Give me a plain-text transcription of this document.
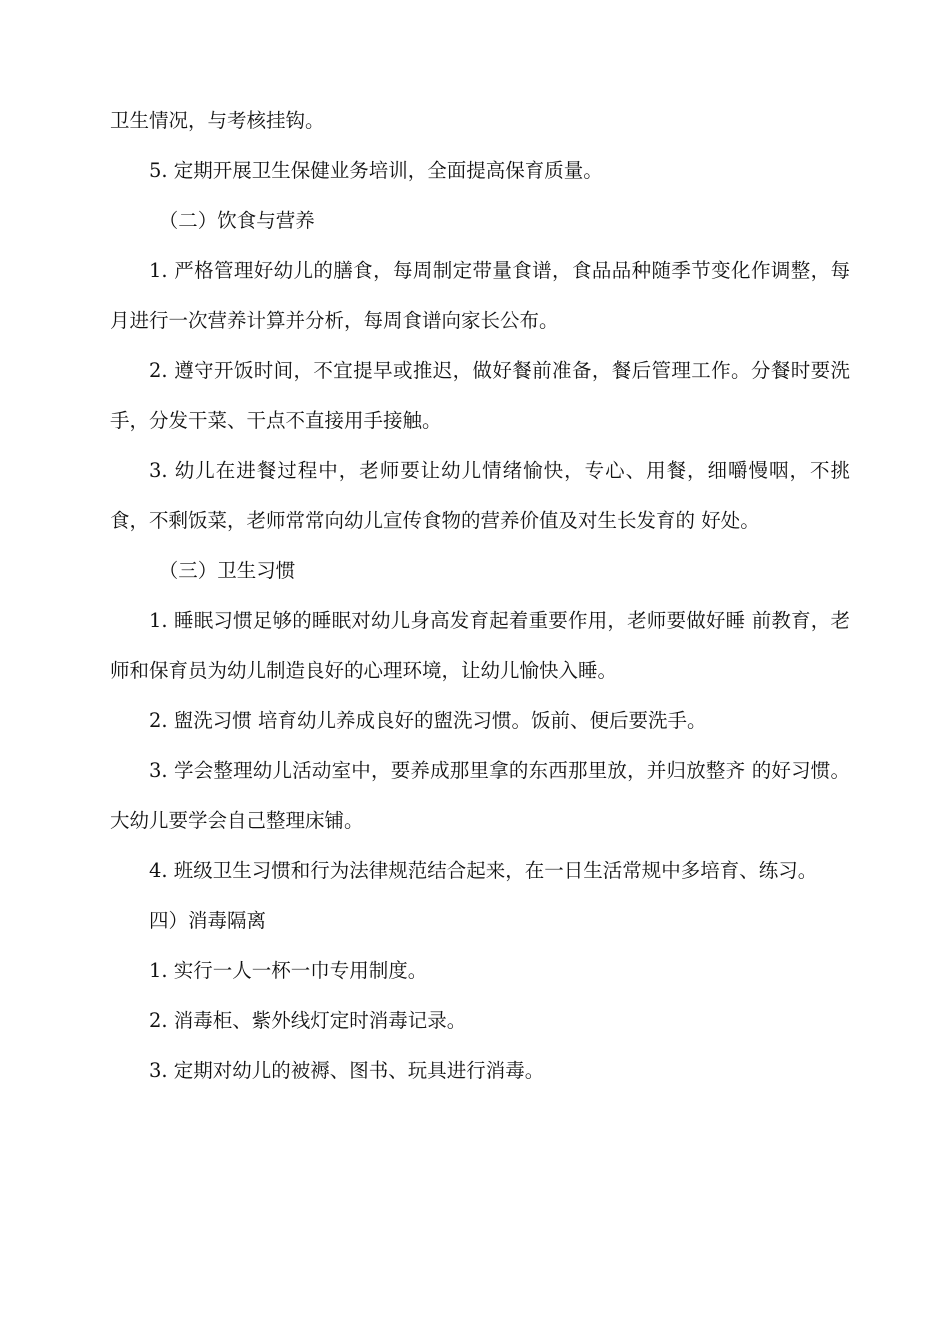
卫生情况，与考核挂钩。

5. 定期开展卫生保健业务培训，全面提高保育质量。

（二）饮食与营养

1. 严格管理好幼儿的膳食，每周制定带量食谱，食品品种随季节变化作调整，每月进行一次营养计算并分析，每周食谱向家长公布。

2. 遵守开饭时间，不宜提早或推迟，做好餐前准备，餐后管理工作。分餐时要洗手，分发干菜、干点不直接用手接触。

3. 幼儿在进餐过程中，老师要让幼儿情绪愉快，专心、用餐，细嚼慢咽，不挑食，不剩饭菜，老师常常向幼儿宣传食物的营养价值及对生长发育的 好处。

（三）卫生习惯

1. 睡眠习惯足够的睡眠对幼儿身高发育起着重要作用，老师要做好睡 前教育，老师和保育员为幼儿制造良好的心理环境，让幼儿愉快入睡。

2. 盥洗习惯 培育幼儿养成良好的盥洗习惯。饭前、便后要洗手。

3. 学会整理幼儿活动室中，要养成那里拿的东西那里放，并归放整齐 的好习惯。大幼儿要学会自己整理床铺。

4. 班级卫生习惯和行为法律规范结合起来，在一日生活常规中多培育、练习。

四）消毒隔离

1. 实行一人一杯一巾专用制度。

2. 消毒柜、紫外线灯定时消毒记录。

3. 定期对幼儿的被褥、图书、玩具进行消毒。
